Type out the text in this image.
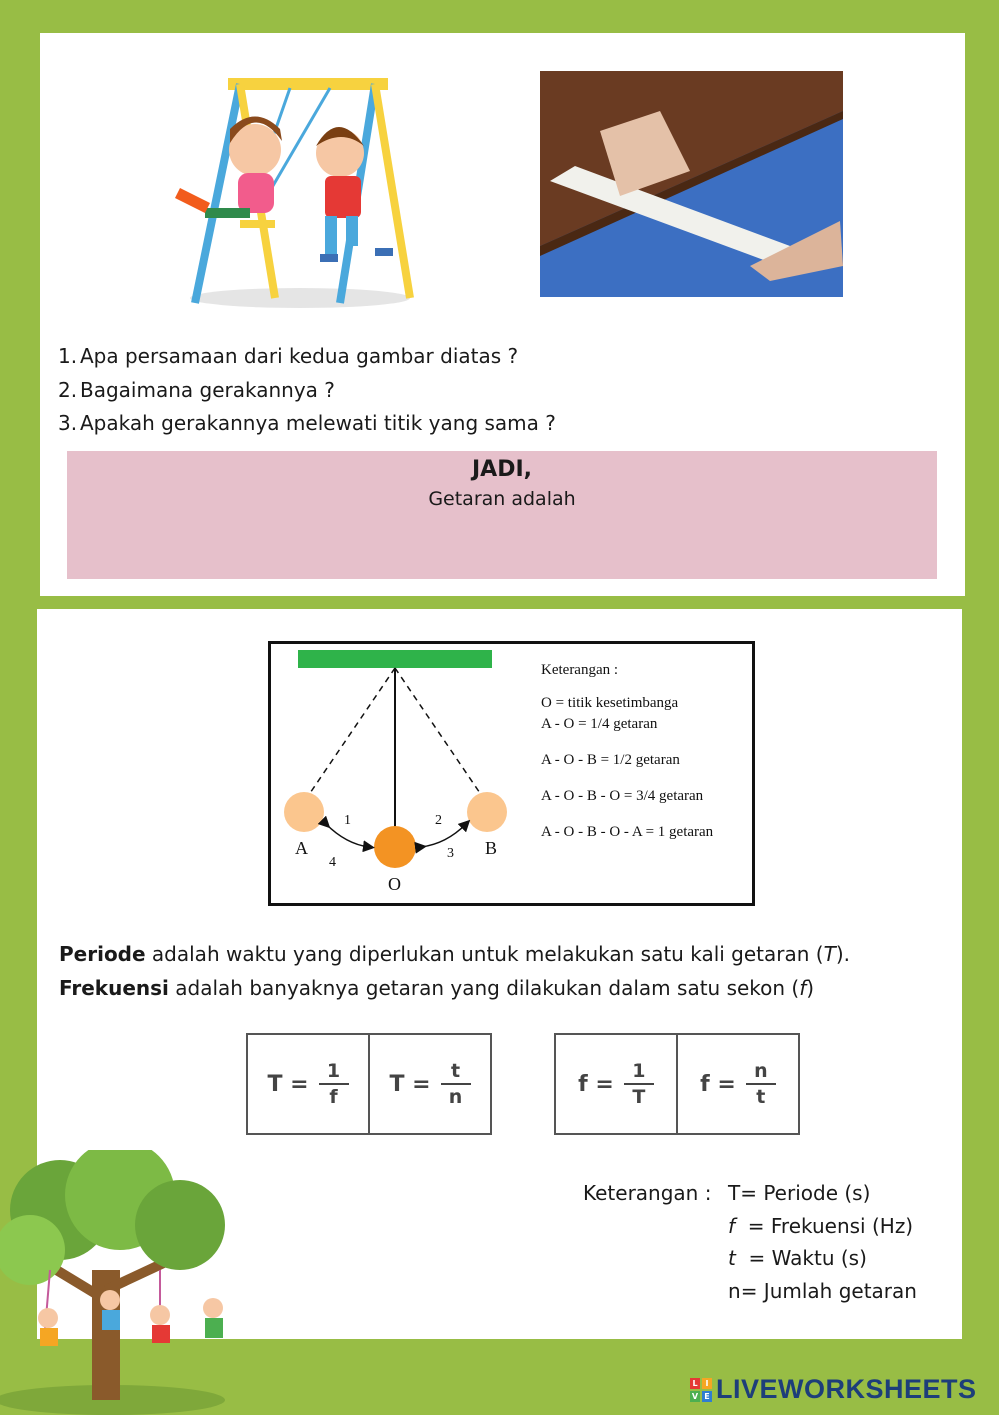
1. Apa persamaan dari kedua gambar diatas ?
2. Bagaimana gerakannya ?
3. Apakah gerakannya melewati titik yang sama ?
JADI,
Getaran adalah
A	B
O
1	2
3
4
Keterangan :
O = titik kesetimbanga
A - O = 1/4 getaran
A - O - B = 1/2 getaran
A - O - B - O = 3/4 getaran
A - O - B - O - A = 1 getaran
Periode adalah waktu yang diperlukan untuk melakukan satu kali getaran (T).
Frekuensi adalah banyaknya getaran yang dilakukan dalam satu sekon (f)
$T = \frac{1}{f}$ $T = \frac{t}{n}$	$f = \frac{1}{T}$ $f = \frac{n}{t}$
Keterangan : T = Periode (s)
f = Frekuensi (Hz)
t = Waktu (s)
n = Jumlah getaran
L I
V E LIVEWORKSHEETS
